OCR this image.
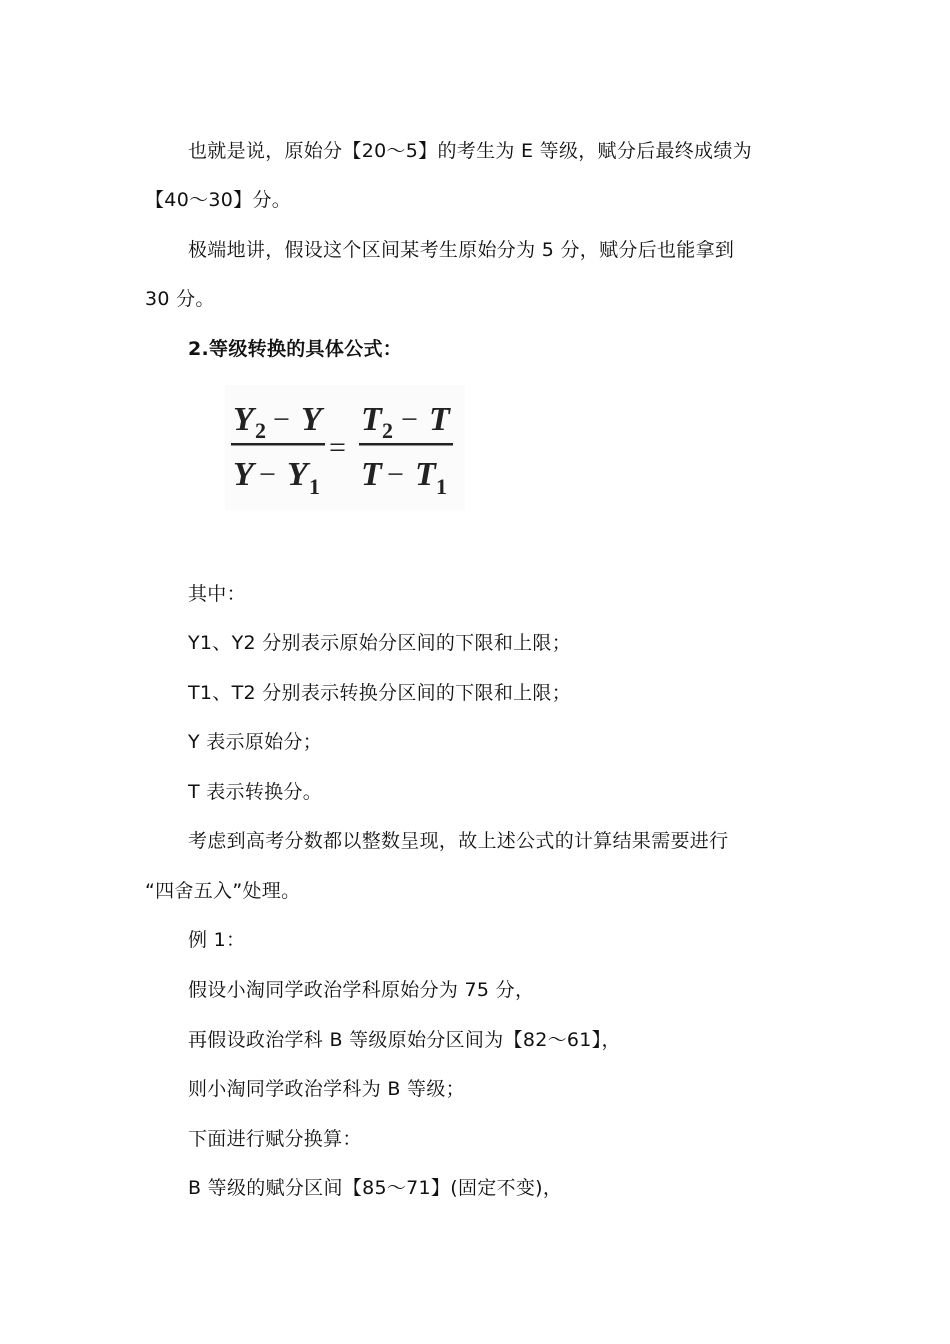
也就是说，原始分【20～5】的考生为 E 等级，赋分后最终成绩为
【40～30】分。
极端地讲，假设这个区间某考生原始分为 5 分，赋分后也能拿到
30 分。
2.等级转换的具体公式：
Y 2 − Y
Y − Y 1
=
T 2 − T
T − T 1
其中：
Y1、Y2 分别表示原始分区间的下限和上限；
T1、T2 分别表示转换分区间的下限和上限；
Y 表示原始分；
T 表示转换分。
考虑到高考分数都以整数呈现，故上述公式的计算结果需要进行
“四舍五入”处理。
例 1：
假设小淘同学政治学科原始分为 75 分，
再假设政治学科 B 等级原始分区间为【82～61】，
则小淘同学政治学科为 B 等级；
下面进行赋分换算：
B 等级的赋分区间【85～71】(固定不变)，
